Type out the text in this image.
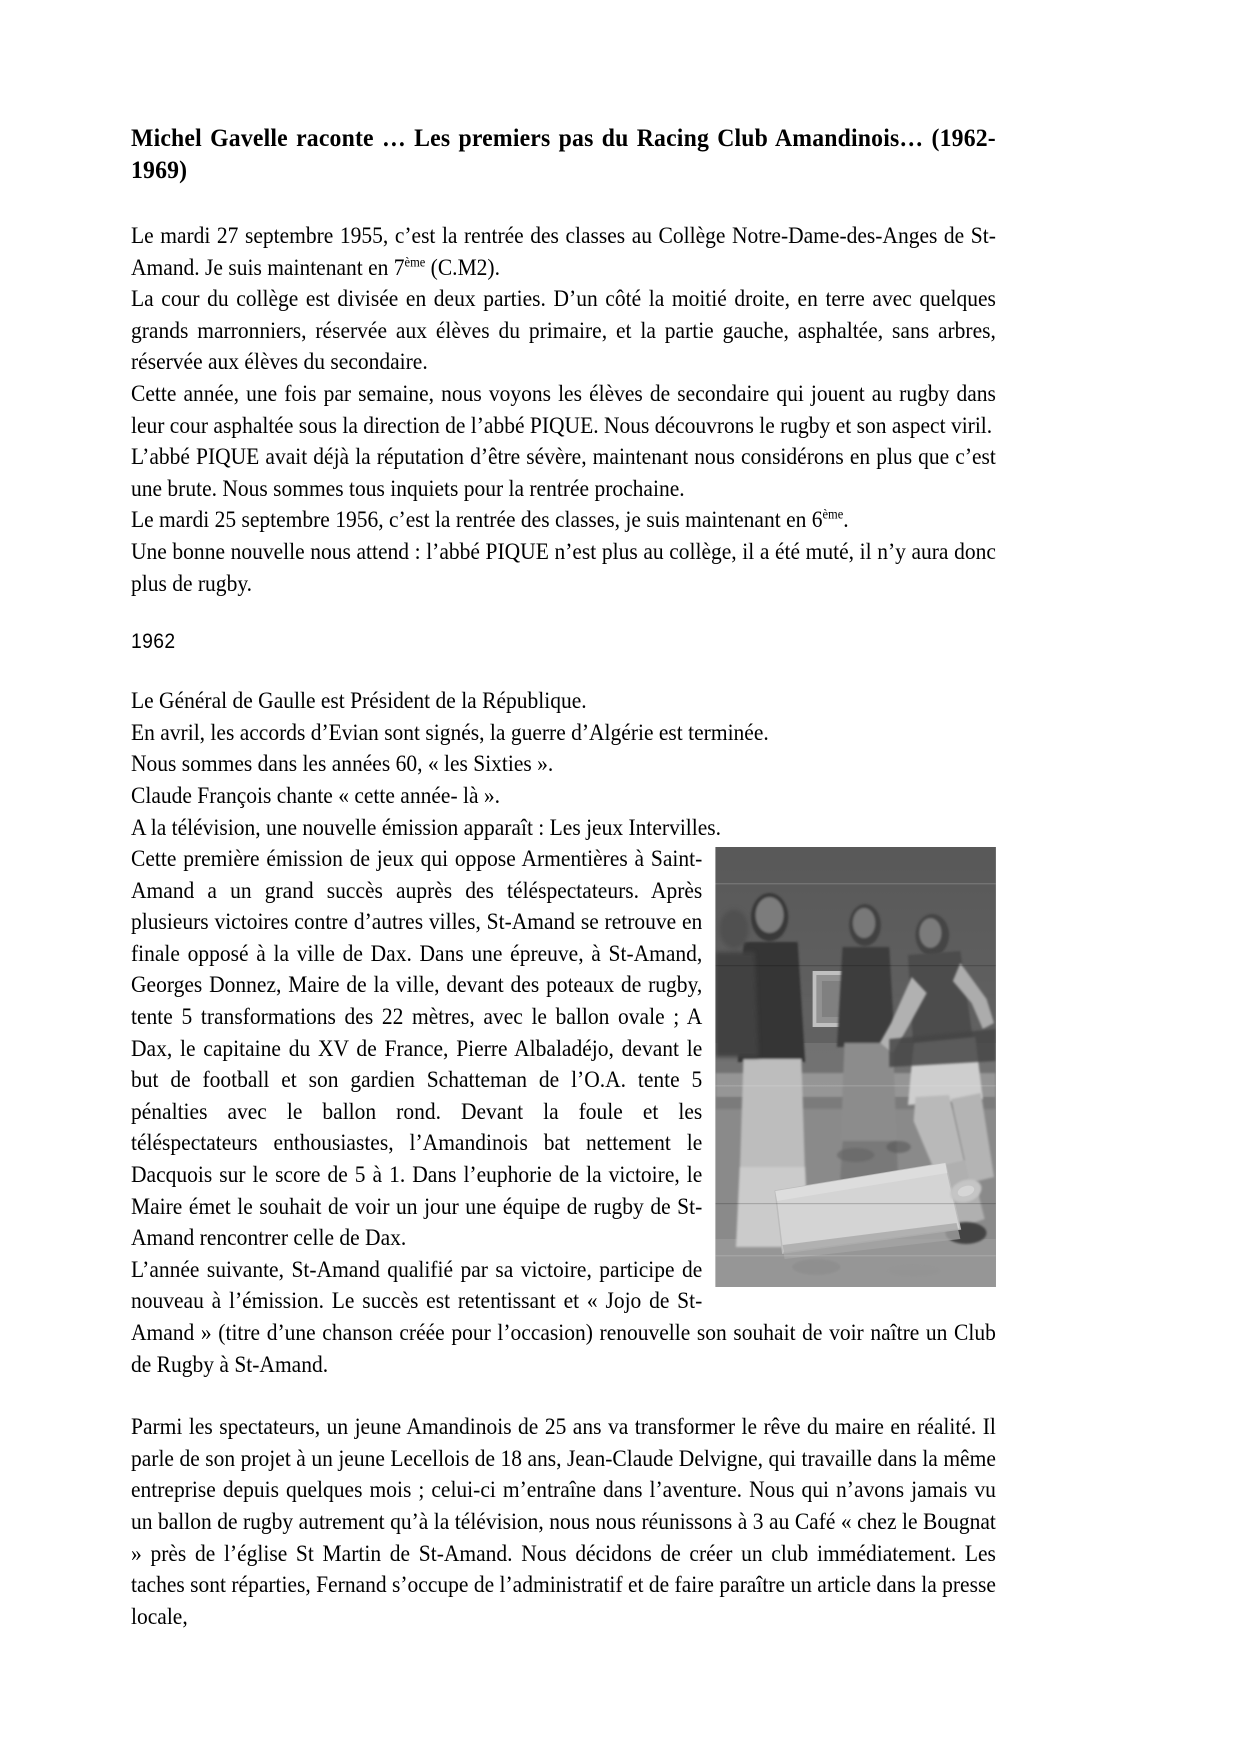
Michel Gavelle raconte … Les premiers pas du Racing Club Amandinois… (1962-1969)

Le mardi 27 septembre 1955, c’est la rentrée des classes au Collège Notre-Dame-des-Anges de St-Amand. Je suis maintenant en 7ème (C.M2).

La cour du collège est divisée en deux parties. D’un côté la moitié droite, en terre avec quelques grands marronniers, réservée aux élèves du primaire, et la partie gauche, asphaltée, sans arbres, réservée aux élèves du secondaire.

Cette année, une fois par semaine, nous voyons les élèves de secondaire qui jouent au rugby dans leur cour asphaltée sous la direction de l’abbé PIQUE. Nous découvrons le rugby et son aspect viril.

L’abbé PIQUE avait déjà la réputation d’être sévère, maintenant nous considérons en plus que c’est une brute. Nous sommes tous inquiets pour la rentrée prochaine.

Le mardi 25 septembre 1956, c’est la rentrée des classes, je suis maintenant en 6ème.

Une bonne nouvelle nous attend : l’abbé PIQUE n’est plus au collège, il a été muté, il n’y aura donc plus de rugby.

1962

Le Général de Gaulle est Président de la République.

En avril, les accords d’Evian sont signés, la guerre d’Algérie est terminée.

Nous sommes dans les années 60, « les Sixties ».

Claude François chante « cette année- là ».

A la télévision, une nouvelle émission apparaît : Les jeux Intervilles.

Cette première émission de jeux qui oppose Armentières à Saint-Amand a un grand succès auprès des téléspectateurs. Après plusieurs victoires contre d’autres villes, St-Amand se retrouve en finale opposé à la ville de Dax. Dans une épreuve, à St-Amand, Georges Donnez, Maire de la ville, devant des poteaux de rugby, tente 5 transformations des 22 mètres, avec le ballon ovale ; A Dax, le capitaine du XV de France, Pierre Albaladéjo, devant le but de football et son gardien Schatteman de l’O.A. tente 5 pénalties avec le ballon rond. Devant la foule et les téléspectateurs enthousiastes, l’Amandinois bat nettement le Dacquois sur le score de 5 à 1. Dans l’euphorie de la victoire, le Maire émet le souhait de voir un jour une équipe de rugby de St-Amand rencontrer celle de Dax.

L’année suivante, St-Amand qualifié par sa victoire, participe de nouveau à l’émission. Le succès est retentissant et « Jojo de St-Amand » (titre d’une chanson créée pour l’occasion) renouvelle son souhait de voir naître un Club de Rugby à St-Amand.

Parmi les spectateurs, un jeune Amandinois de 25 ans va transformer le rêve du maire en réalité. Il parle de son projet à un jeune Lecellois de 18 ans, Jean-Claude Delvigne, qui travaille dans la même entreprise depuis quelques mois ; celui-ci m’entraîne dans l’aventure. Nous qui n’avons jamais vu un ballon de rugby autrement qu’à la télévision, nous nous réunissons à 3 au Café « chez le Bougnat » près de l’église St Martin de St-Amand. Nous décidons de créer un club immédiatement. Les taches sont réparties, Fernand s’occupe de l’administratif et de faire paraître un article dans la presse locale,
